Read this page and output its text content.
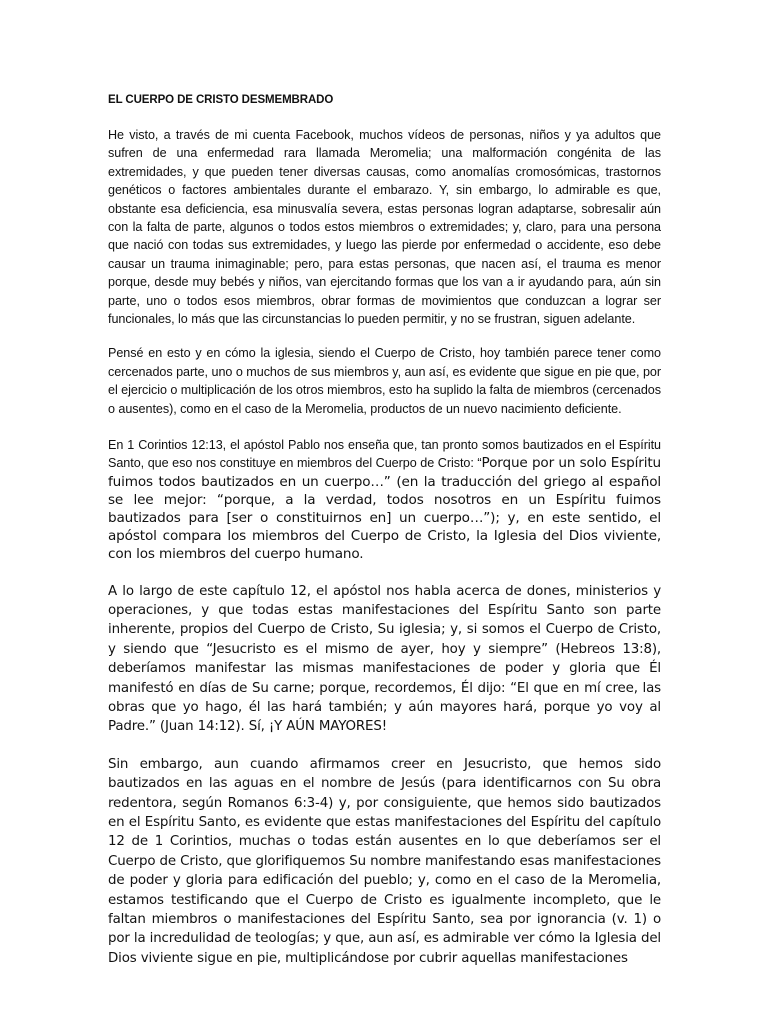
EL CUERPO DE CRISTO DESMEMBRADO

He visto, a través de mi cuenta Facebook, muchos vídeos de personas, niños y ya adultos que sufren de una enfermedad rara llamada Meromelia; una malformación congénita de las extremidades, y que pueden tener diversas causas, como anomalías cromosómicas, trastornos genéticos o factores ambientales durante el embarazo. Y, sin embargo, lo admirable es que, obstante esa deficiencia, esa minusvalía severa, estas personas logran adaptarse, sobresalir aún con la falta de parte, algunos o todos estos miembros o extremidades; y, claro, para una persona que nació con todas sus extremidades, y luego las pierde por enfermedad o accidente, eso debe causar un trauma inimaginable; pero, para estas personas, que nacen así, el trauma es menor porque, desde muy bebés y niños, van ejercitando formas que los van a ir ayudando para, aún sin parte, uno o todos esos miembros, obrar formas de movimientos que conduzcan a lograr ser funcionales, lo más que las circunstancias lo pueden permitir, y no se frustran, siguen adelante.

Pensé en esto y en cómo la iglesia, siendo el Cuerpo de Cristo, hoy también parece tener como cercenados parte, uno o muchos de sus miembros y, aun así, es evidente que sigue en pie que, por el ejercicio o multiplicación de los otros miembros, esto ha suplido la falta de miembros (cercenados o ausentes), como en el caso de la Meromelia, productos de un nuevo nacimiento deficiente.

En 1 Corintios 12:13, el apóstol Pablo nos enseña que, tan pronto somos bautizados en el Espíritu Santo, que eso nos constituye en miembros del Cuerpo de Cristo: “Porque por un solo Espíritu fuimos todos bautizados en un cuerpo…” (en la traducción del griego al español se lee mejor: “porque, a la verdad, todos nosotros en un Espíritu fuimos bautizados para [ser o constituirnos en] un cuerpo…”); y, en este sentido, el apóstol compara los miembros del Cuerpo de Cristo, la Iglesia del Dios viviente, con los miembros del cuerpo humano.

A lo largo de este capítulo 12, el apóstol nos habla acerca de dones, ministerios y operaciones, y que todas estas manifestaciones del Espíritu Santo son parte inherente, propios del Cuerpo de Cristo, Su iglesia; y, si somos el Cuerpo de Cristo, y siendo que “Jesucristo es el mismo de ayer, hoy y siempre” (Hebreos 13:8), deberíamos manifestar las mismas manifestaciones de poder y gloria que Él manifestó en días de Su carne; porque, recordemos, Él dijo: “El que en mí cree, las obras que yo hago, él las hará también; y aún mayores hará, porque yo voy al Padre.” (Juan 14:12). Sí, ¡Y AÚN MAYORES!

Sin embargo, aun cuando afirmamos creer en Jesucristo, que hemos sido bautizados en las aguas en el nombre de Jesús (para identificarnos con Su obra redentora, según Romanos 6:3-4) y, por consiguiente, que hemos sido bautizados en el Espíritu Santo, es evidente que estas manifestaciones del Espíritu del capítulo 12 de 1 Corintios, muchas o todas están ausentes en lo que deberíamos ser el Cuerpo de Cristo, que glorifiquemos Su nombre manifestando esas manifestaciones de poder y gloria para edificación del pueblo; y, como en el caso de la Meromelia, estamos testificando que el Cuerpo de Cristo es igualmente incompleto, que le faltan miembros o manifestaciones del Espíritu Santo, sea por ignorancia (v. 1) o por la incredulidad de teologías; y que, aun así, es admirable ver cómo la Iglesia del Dios viviente sigue en pie, multiplicándose por cubrir aquellas manifestaciones
